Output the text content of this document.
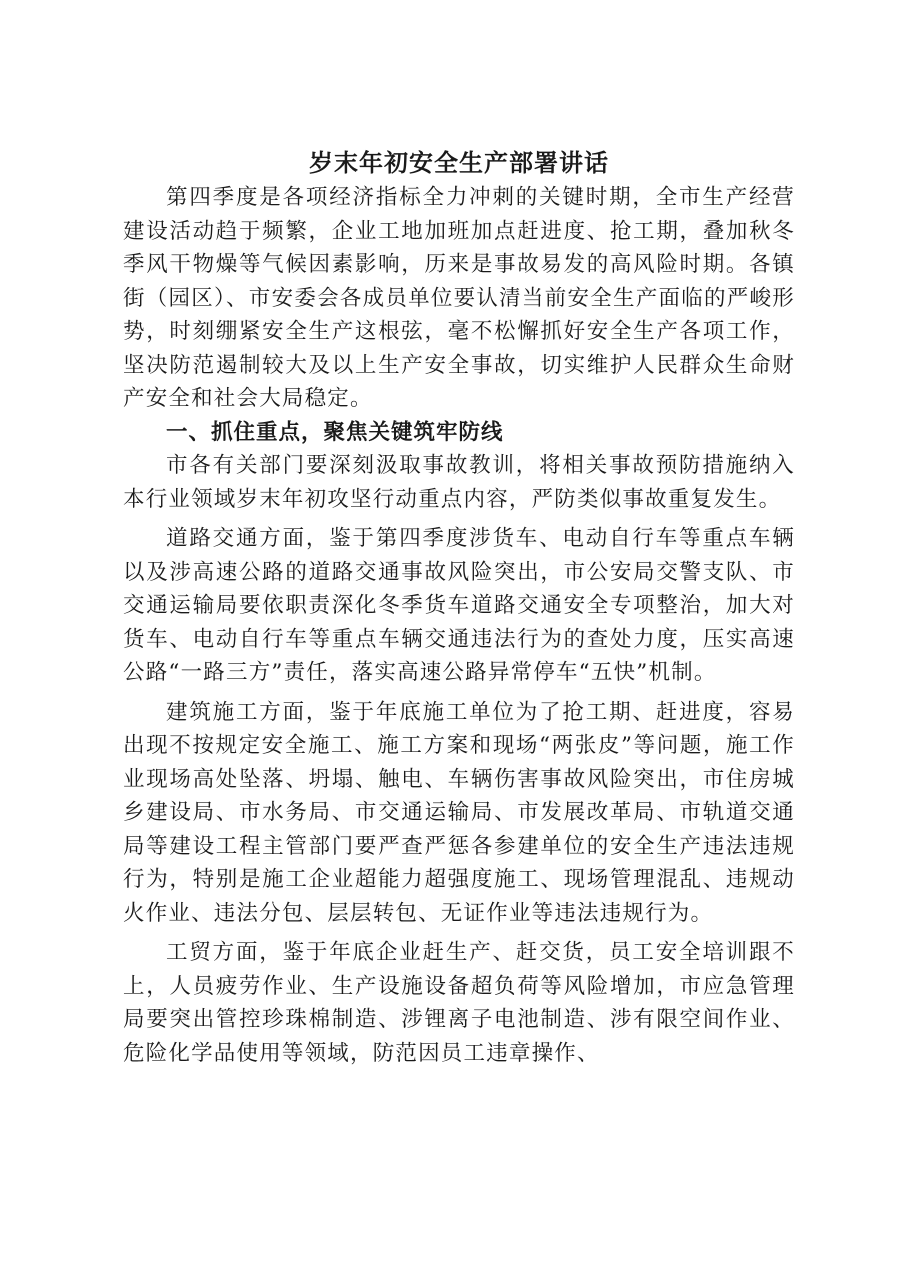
岁末年初安全生产部署讲话

第四季度是各项经济指标全力冲刺的关键时期，全市生产经营建设活动趋于频繁，企业工地加班加点赶进度、抢工期，叠加秋冬季风干物燥等气候因素影响，历来是事故易发的高风险时期。各镇街（园区）、市安委会各成员单位要认清当前安全生产面临的严峻形势，时刻绷紧安全生产这根弦，毫不松懈抓好安全生产各项工作，坚决防范遏制较大及以上生产安全事故，切实维护人民群众生命财产安全和社会大局稳定。

一、抓住重点，聚焦关键筑牢防线

市各有关部门要深刻汲取事故教训，将相关事故预防措施纳入本行业领域岁末年初攻坚行动重点内容，严防类似事故重复发生。

道路交通方面，鉴于第四季度涉货车、电动自行车等重点车辆以及涉高速公路的道路交通事故风险突出，市公安局交警支队、市交通运输局要依职责深化冬季货车道路交通安全专项整治，加大对货车、电动自行车等重点车辆交通违法行为的查处力度，压实高速公路“一路三方”责任，落实高速公路异常停车“五快”机制。

建筑施工方面，鉴于年底施工单位为了抢工期、赶进度，容易出现不按规定安全施工、施工方案和现场“两张皮”等问题，施工作业现场高处坠落、坍塌、触电、车辆伤害事故风险突出，市住房城乡建设局、市水务局、市交通运输局、市发展改革局、市轨道交通局等建设工程主管部门要严查严惩各参建单位的安全生产违法违规行为，特别是施工企业超能力超强度施工、现场管理混乱、违规动火作业、违法分包、层层转包、无证作业等违法违规行为。

工贸方面，鉴于年底企业赶生产、赶交货，员工安全培训跟不上，人员疲劳作业、生产设施设备超负荷等风险增加，市应急管理局要突出管控珍珠棉制造、涉锂离子电池制造、涉有限空间作业、危险化学品使用等领域，防范因员工违章操作、
